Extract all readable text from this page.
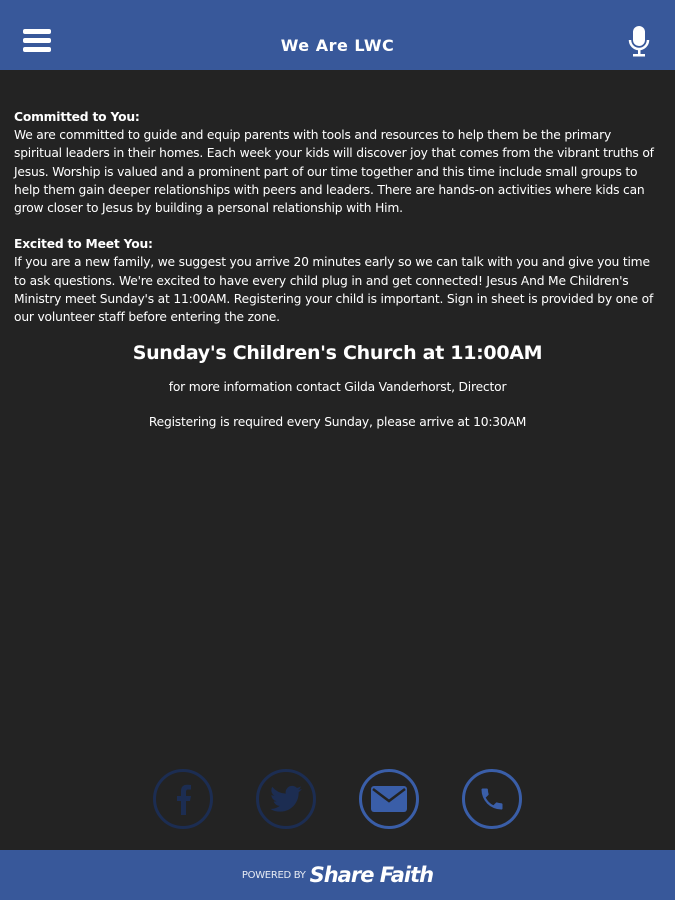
We Are LWC
Committed to You:

We are committed to guide and equip parents with tools and resources to help them be the primary spiritual leaders in their homes. Each week your kids will discover joy that comes from the vibrant truths of Jesus. Worship is valued and a prominent part of our time together and this time include small groups to help them gain deeper relationships with peers and leaders. There are hands-on activities where kids can grow closer to Jesus by building a personal relationship with Him.

Excited to Meet You:

If you are a new family, we suggest you arrive 20 minutes early so we can talk with you and give you time to ask questions. We're excited to have every child plug in and get connected! Jesus And Me Children's Ministry meet Sunday's at 11:00AM. Registering your child is important. Sign in sheet is provided by one of our volunteer staff before entering the zone.

Sunday's Children's Church at 11:00AM
for more information contact Gilda Vanderhorst, Director
Registering is required every Sunday, please arrive at 10:30AM
POWERED BY Share Faith
